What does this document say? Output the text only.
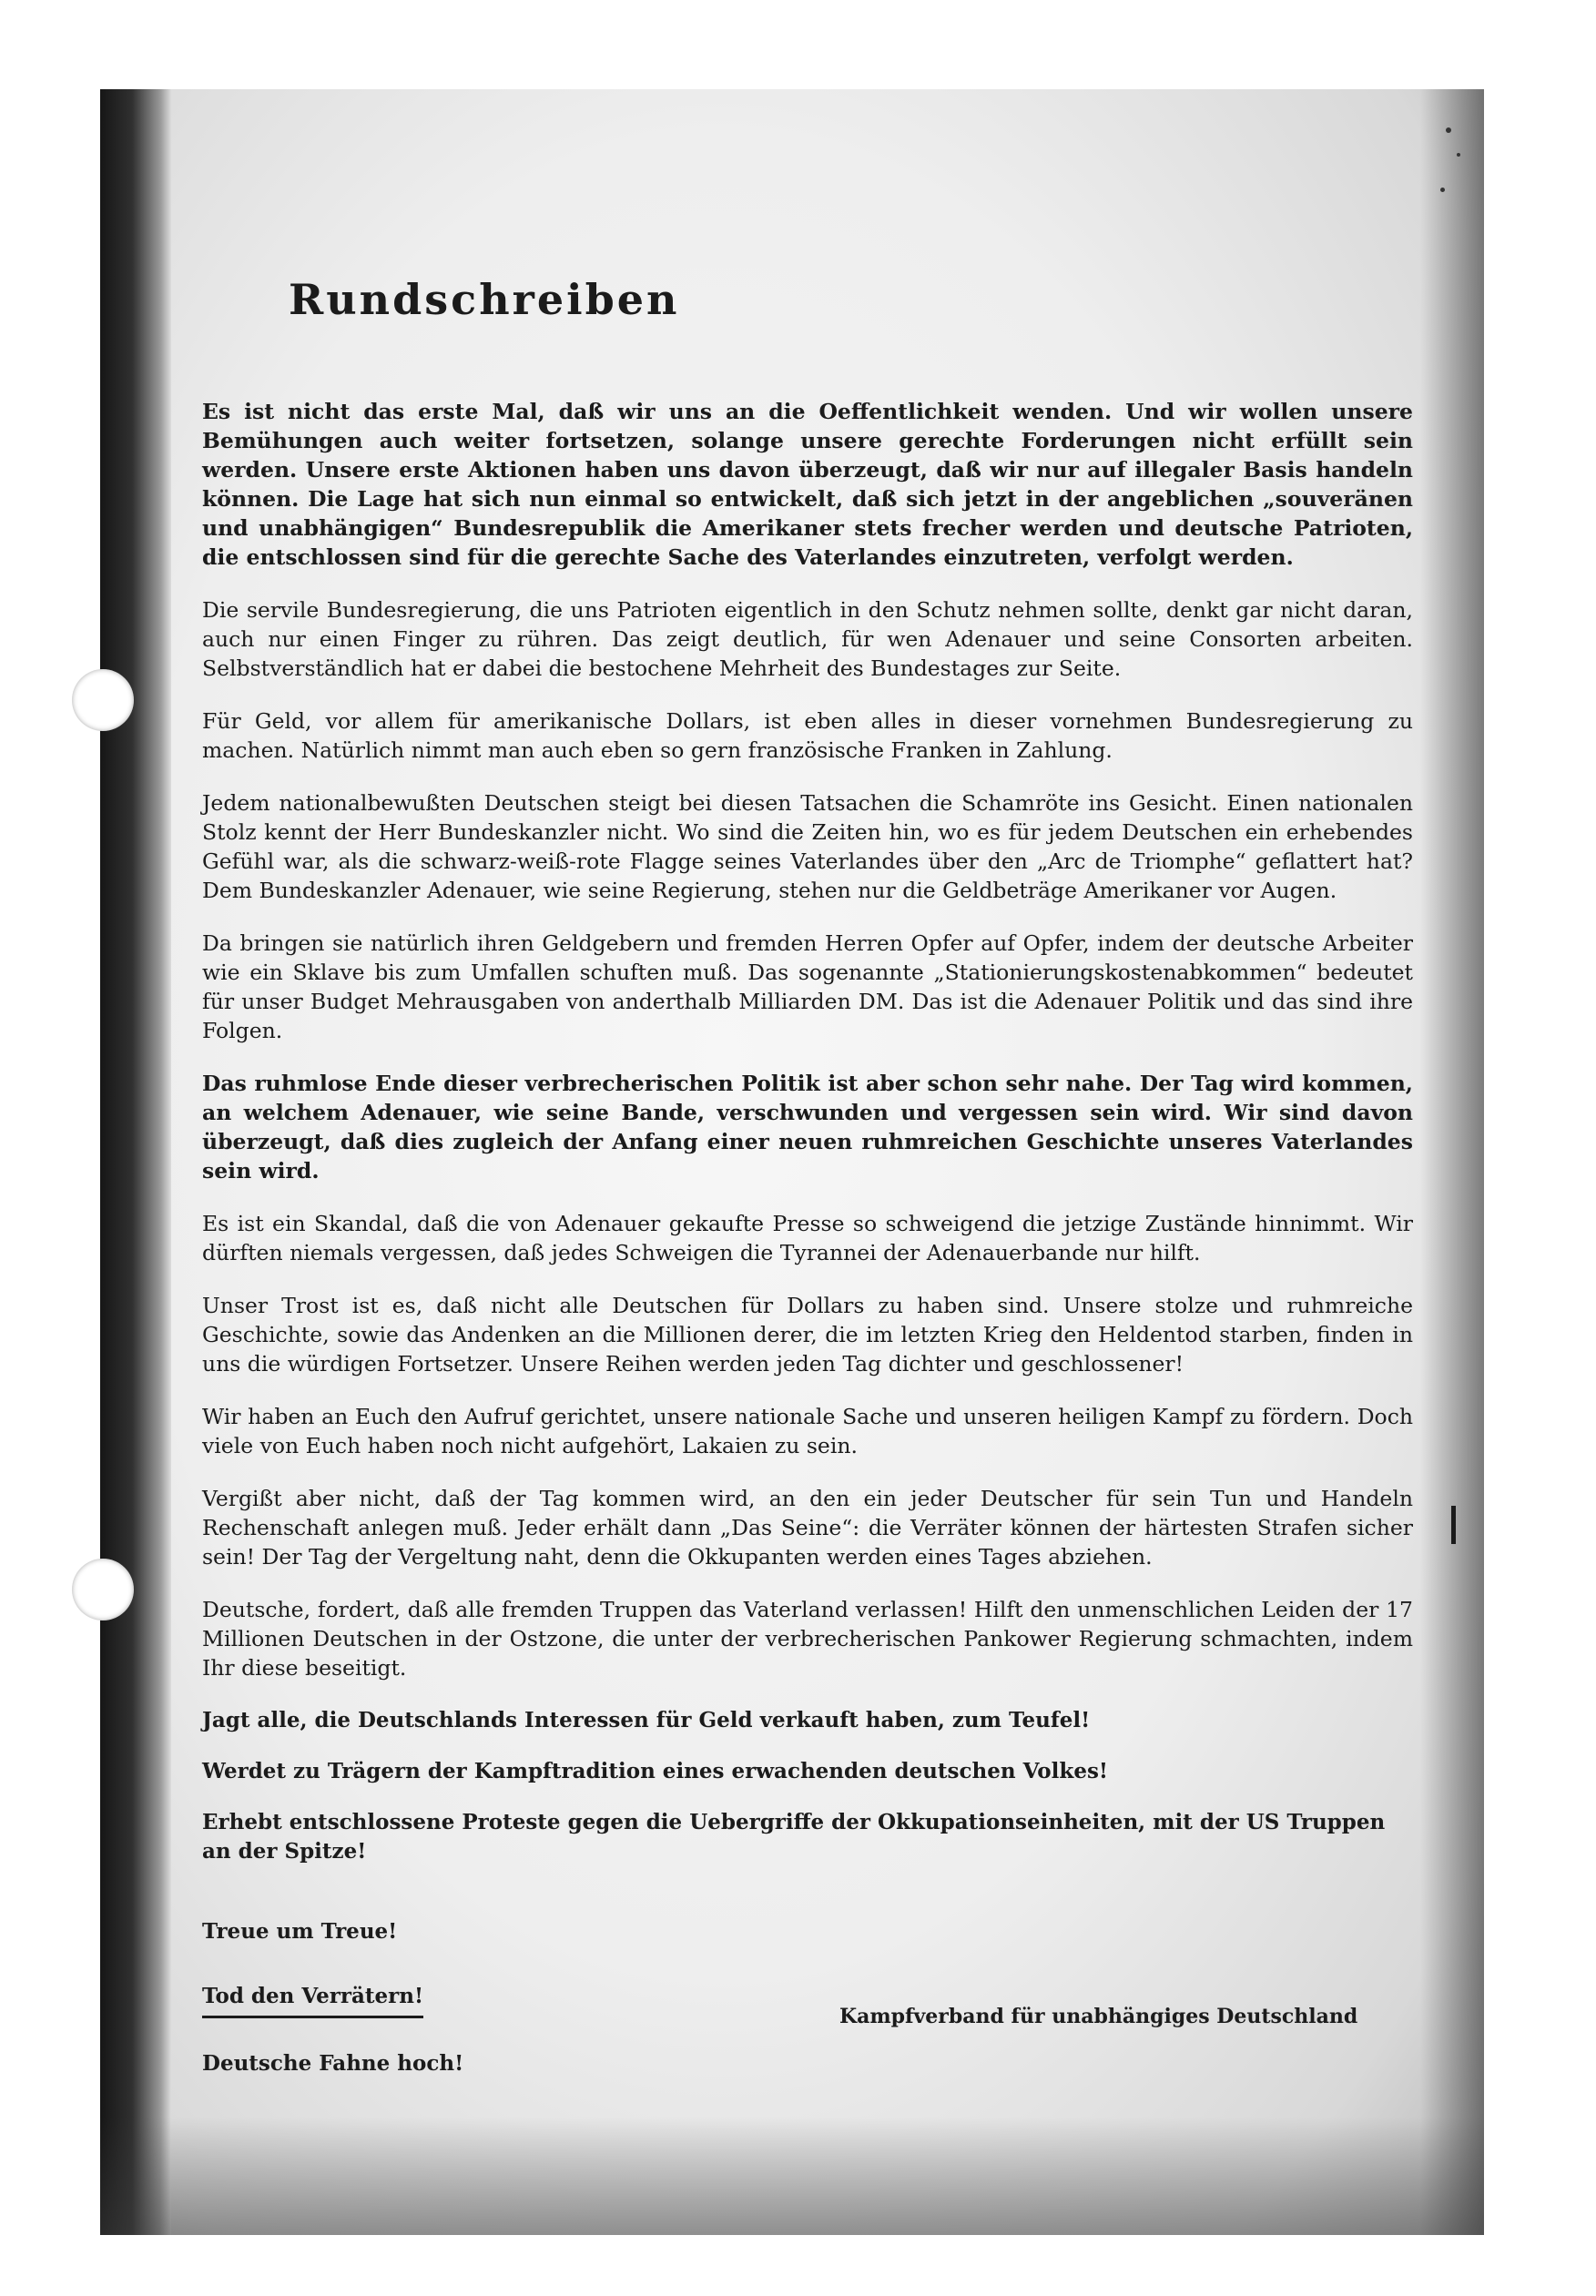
Rundschreiben

Es ist nicht das erste Mal, daß wir uns an die Oeffentlichkeit wenden. Und wir wollen unsere Bemühungen auch weiter fortsetzen, solange unsere gerechte Forderungen nicht erfüllt sein werden. Unsere erste Aktionen haben uns davon überzeugt, daß wir nur auf illegaler Basis handeln können. Die Lage hat sich nun einmal so entwickelt, daß sich jetzt in der angeblichen „souveränen und unabhängigen“ Bundesrepublik die Amerikaner stets frecher werden und deutsche Patrioten, die entschlossen sind für die gerechte Sache des Vaterlandes einzutreten, verfolgt werden.

Die servile Bundesregierung, die uns Patrioten eigentlich in den Schutz nehmen sollte, denkt gar nicht daran, auch nur einen Finger zu rühren. Das zeigt deutlich, für wen Adenauer und seine Consorten arbeiten. Selbstverständlich hat er dabei die bestochene Mehrheit des Bundestages zur Seite.

Für Geld, vor allem für amerikanische Dollars, ist eben alles in dieser vornehmen Bundesregierung zu machen. Natürlich nimmt man auch eben so gern französische Franken in Zahlung.

Jedem nationalbewußten Deutschen steigt bei diesen Tatsachen die Schamröte ins Gesicht. Einen nationalen Stolz kennt der Herr Bundeskanzler nicht. Wo sind die Zeiten hin, wo es für jedem Deutschen ein erhebendes Gefühl war, als die schwarz-weiß-rote Flagge seines Vaterlandes über den „Arc de Triomphe“ geflattert hat? Dem Bundeskanzler Adenauer, wie seine Regierung, stehen nur die Geldbeträge Amerikaner vor Augen.

Da bringen sie natürlich ihren Geldgebern und fremden Herren Opfer auf Opfer, indem der deutsche Arbeiter wie ein Sklave bis zum Umfallen schuften muß. Das sogenannte „Stationierungskostenabkommen“ bedeutet für unser Budget Mehrausgaben von anderthalb Milliarden DM. Das ist die Adenauer Politik und das sind ihre Folgen.

Das ruhmlose Ende dieser verbrecherischen Politik ist aber schon sehr nahe. Der Tag wird kommen, an welchem Adenauer, wie seine Bande, verschwunden und vergessen sein wird. Wir sind davon überzeugt, daß dies zugleich der Anfang einer neuen ruhmreichen Geschichte unseres Vaterlandes sein wird.

Es ist ein Skandal, daß die von Adenauer gekaufte Presse so schweigend die jetzige Zustände hinnimmt. Wir dürften niemals vergessen, daß jedes Schweigen die Tyrannei der Adenauerbande nur hilft.

Unser Trost ist es, daß nicht alle Deutschen für Dollars zu haben sind. Unsere stolze und ruhmreiche Geschichte, sowie das Andenken an die Millionen derer, die im letzten Krieg den Heldentod starben, finden in uns die würdigen Fortsetzer. Unsere Reihen werden jeden Tag dichter und geschlossener!

Wir haben an Euch den Aufruf gerichtet, unsere nationale Sache und unseren heiligen Kampf zu fördern. Doch viele von Euch haben noch nicht aufgehört, Lakaien zu sein.

Vergißt aber nicht, daß der Tag kommen wird, an den ein jeder Deutscher für sein Tun und Handeln Rechenschaft anlegen muß. Jeder erhält dann „Das Seine“: die Verräter können der härtesten Strafen sicher sein! Der Tag der Vergeltung naht, denn die Okkupanten werden eines Tages abziehen.

Deutsche, fordert, daß alle fremden Truppen das Vaterland verlassen! Hilft den unmenschlichen Leiden der 17 Millionen Deutschen in der Ostzone, die unter der verbrecherischen Pankower Regierung schmachten, indem Ihr diese beseitigt.

Jagt alle, die Deutschlands Interessen für Geld verkauft haben, zum Teufel!

Werdet zu Trägern der Kampftradition eines erwachenden deutschen Volkes!

Erhebt entschlossene Proteste gegen die Uebergriffe der Okkupationseinheiten, mit der US Truppen an der Spitze!

Treue um Treue!
Tod den Verrätern!
Deutsche Fahne hoch!
Kampfverband für unabhängiges Deutschland
